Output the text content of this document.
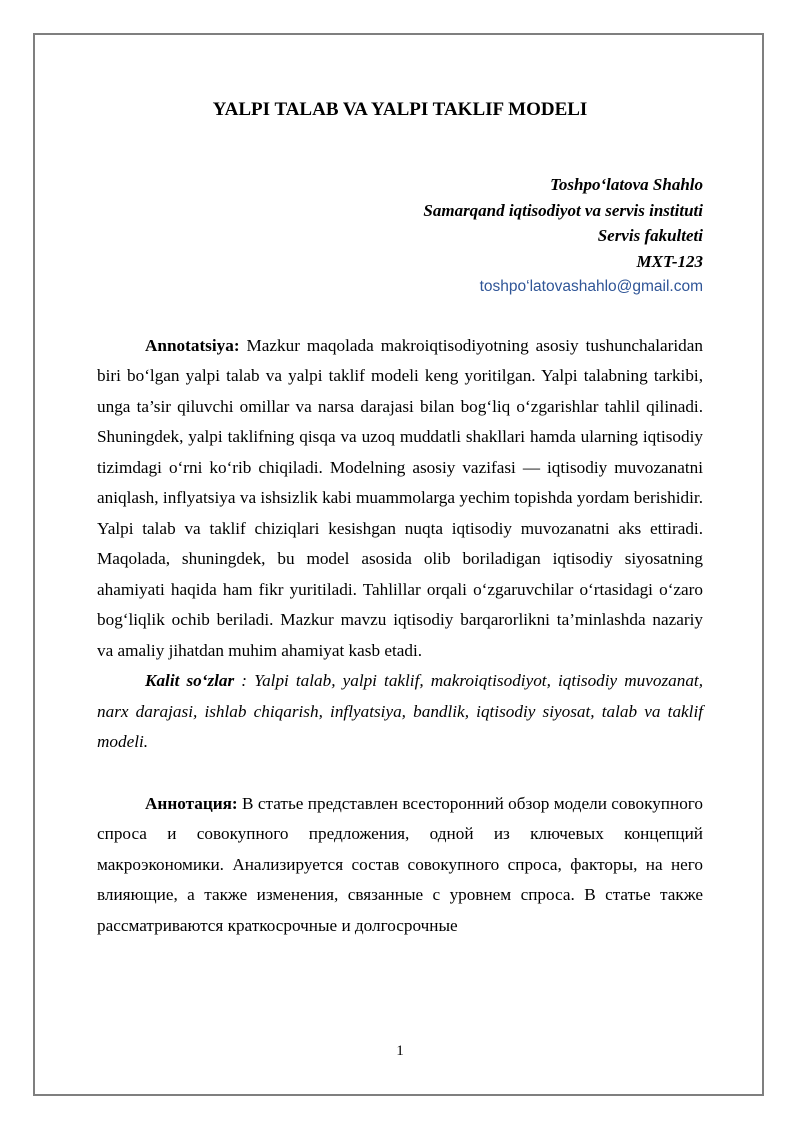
YALPI TALAB VA YALPI TAKLIF MODELI
Toshpo‘latova Shahlo
Samarqand iqtisodiyot va servis instituti
Servis fakulteti
MXT-123
toshpo‘latovashahlo@gmail.com

Annotatsiya: Mazkur maqolada makroiqtisodiyotning asosiy tushunchalaridan biri bo‘lgan yalpi talab va yalpi taklif modeli keng yoritilgan. Yalpi talabning tarkibi, unga ta’sir qiluvchi omillar va narsa darajasi bilan bog‘liq o‘zgarishlar tahlil qilinadi. Shuningdek, yalpi taklifning qisqa va uzoq muddatli shakllari hamda ularning iqtisodiy tizimdagi o‘rni ko‘rib chiqiladi. Modelning asosiy vazifasi — iqtisodiy muvozanatni aniqlash, inflyatsiya va ishsizlik kabi muammolarga yechim topishda yordam berishidir. Yalpi talab va taklif chiziqlari kesishgan nuqta iqtisodiy muvozanatni aks ettiradi. Maqolada, shuningdek, bu model asosida olib boriladigan iqtisodiy siyosatning ahamiyati haqida ham fikr yuritiladi. Tahlillar orqali o‘zgaruvchilar o‘rtasidagi o‘zaro bog‘liqlik ochib beriladi. Mazkur mavzu iqtisodiy barqarorlikni ta’minlashda nazariy va amaliy jihatdan muhim ahamiyat kasb etadi.

Kalit so‘zlar : Yalpi talab, yalpi taklif, makroiqtisodiyot, iqtisodiy muvozanat, narx darajasi, ishlab chiqarish, inflyatsiya, bandlik, iqtisodiy siyosat, talab va taklif modeli.

Аннотация: В статье представлен всесторонний обзор модели совокупного спроса и совокупного предложения, одной из ключевых концепций макроэкономики. Анализируется состав совокупного спроса, факторы, на него влияющие, а также изменения, связанные с уровнем спроса. В статье также рассматриваются краткосрочные и долгосрочные

1
